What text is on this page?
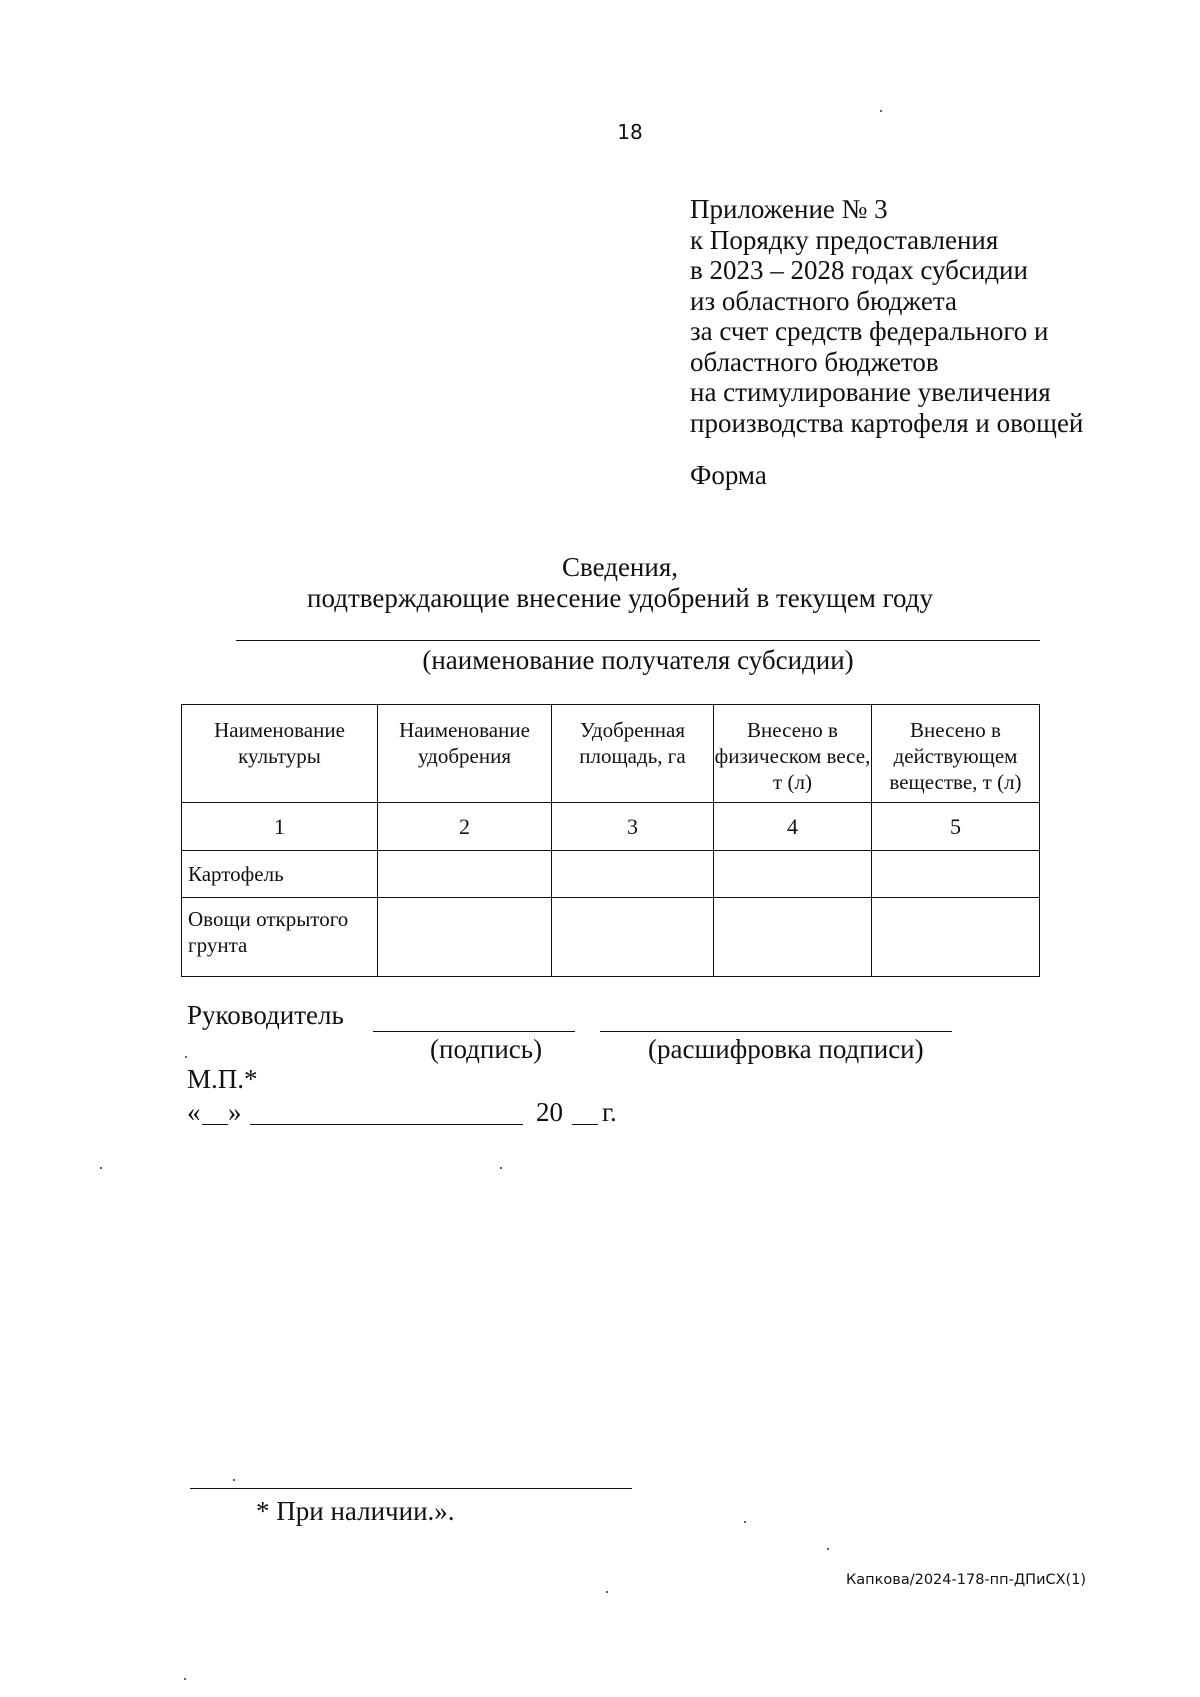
18
Приложение № 3
к Порядку предоставления
в 2023 – 2028 годах субсидии
из областного бюджета
за счет средств федерального и
областного бюджетов
на стимулирование увеличения
производства картофеля и овощей
Форма
Сведения,
подтверждающие внесение удобрений в текущем году
(наименование получателя субсидии)
Наименование культуры	Наименование удобрения	Удобренная площадь, га	Внесено в физическом весе, т (л)	Внесено в действующем веществе, т (л)
1	2	3	4	5
Картофель				
Овощи открытого грунта				
Руководитель
(подпись)	(расшифровка подписи)
М.П.*
« »	20 г.
* При наличии.».
Капкова/2024-178-пп-ДПиСХ(1)
